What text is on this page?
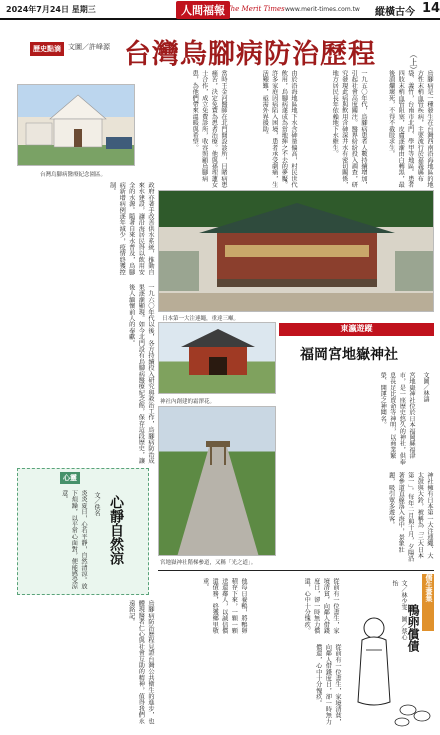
2024年7月24日 星期三	人間福報 The Merit Times www.merit-times.com.tw 縱橫古今 14
歷史點滴	文圖／許峰源 台灣烏腳病防治歷程	（上）

烏腳病是一種發生在台灣西南沿海地區的地方性末梢血管疾病，主要流行於嘉義縣布袋、義竹，台南市北門、學甲等地區。患者四肢末梢血管阻塞，皮膚逐漸由白轉黑，最後潰爛壞死，不得不截肢求生。

一九五〇年代，烏腳病患者人數持續增加，引起社會高度關注。醫界紛紛投入調查，研究發現此病與飲用含砷深井水有密切關係，地方居民長年依賴地下水維生。

由於沿海地區地下水含砷量偏高，村民世代飲用，烏腳病遂成為當地揮之不去的夢魘。許多家庭因病陷入困境，患者承受劇痛，生活艱難，亟需外界援助。

當時王金河醫師在北門開設診所，目睹病患痛苦，決定免費為患者治療。他與孫理蓮女士合作，成立免費診所，收容照顧烏腳病患，為他們帶來溫暖與希望。

台灣烏腳病醫療紀念園區。

政府亦著手改善供水系統，推動自來水建設，讓沿海居民得以飲用安全的水源。隨著自來水普及，烏腳病新增病例逐年減少，疫情終獲控制。

一九六〇年代以後，各方持續投入研究與救治工作，烏腳病防治成果逐漸顯現。如今北門設有烏腳病醫療紀念館，保存這段歷史，讓後人緬懷前人的奉獻。	日本第一大注連繩，重達三噸。
東瀛遊蹤
福岡宮地嶽神社
神社內創建的霜澤花。
宮地嶽神社階梯參道，又稱「光之道」。
文圖／林濤

宮地嶽神社位於日本福岡縣福津市，是一座歷史悠久的神社，供奉息長足比賣命等神明，以商業繁榮、開運之神聞名。

神社擁有日本第一大注連繩、大太鼓與大鈴，被稱為「三大日本第一」。每年二月與十月，夕陽沿著參道直線落入海中，景象壯麗，吸引眾多遊客。

心靈
心靜自然涼
文／佚名

炎炎夏日，心若平靜，自然清涼。放下煩躁，以平常心面對，便能感受涼意。

烏腳病防治歷程見證台灣公共衛生的進步，也體現醫者仁心與社會互助的精神，值得我們永遠銘記。

儒生畫集
鴨卵償債
文／林少雯　圖／蔡心怡

從前有一位書生，家境清貧，向鄰人借錢度日，卻一時無力償還，心中十分愧疚。

他每日養鴨，將鴨卵積存下來，一顆一顆送還鄰人，以誠信償還債務，終獲鄉里敬重。

從前有一位書生，家境清貧，向鄰人借錢度日，卻一時無力償還，心中十分愧疚。
